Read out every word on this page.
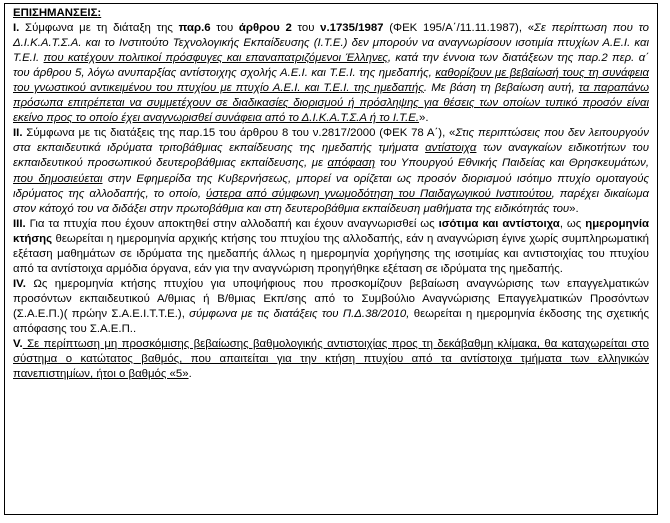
ΕΠΙΣΗΜΑΝΣΕΙΣ:

I. Σύμφωνα με τη διάταξη της παρ.6 του άρθρου 2 του ν.1735/1987 (ΦΕΚ 195/Α΄/11.11.1987), «Σε περίπτωση που το Δ.Ι.Κ.Α.Τ.Σ.Α. και το Ινστιτούτο Τεχνολογικής Εκπαίδευσης (Ι.Τ.Ε.) δεν μπορούν να αναγνωρίσουν ισοτιμία πτυχίων Α.Ε.Ι. και Τ.Ε.Ι. που κατέχουν πολιτικοί πρόσφυγες και επαναπατριζόμενοι Έλληνες, κατά την έννοια των διατάξεων της παρ.2 περ. α΄ του άρθρου 5, λόγω ανυπαρξίας αντίστοιχης σχολής Α.Ε.Ι. και Τ.Ε.Ι. της ημεδαπής, καθορίζουν με βεβαίωσή τους τη συνάφεια του γνωστικού αντικειμένου του πτυχίου με πτυχίο Α.Ε.Ι. και Τ.Ε.Ι. της ημεδαπής. Με βάση τη βεβαίωση αυτή, τα παραπάνω πρόσωπα επιτρέπεται να συμμετέχουν σε διαδικασίες διορισμού ή πρόσληψης για θέσεις των οποίων τυπικό προσόν είναι εκείνο προς το οποίο έχει αναγνωρισθεί συνάφεια από το Δ.Ι.Κ.Α.Τ.Σ.Α ή το Ι.Τ.Ε.».

II. Σύμφωνα με τις διατάξεις της παρ.15 του άρθρου 8 του ν.2817/2000 (ΦΕΚ 78 Α΄), «Στις περιπτώσεις που δεν λειτουργούν στα εκπαιδευτικά ιδρύματα τριτοβάθμιας εκπαίδευσης της ημεδαπής τμήματα αντίστοιχα των αναγκαίων ειδικοτήτων του εκπαιδευτικού προσωπικού δευτεροβάθμιας εκπαίδευσης, με απόφαση του Υπουργού Εθνικής Παιδείας και Θρησκευμάτων, που δημοσιεύεται στην Εφημερίδα της Κυβερνήσεως, μπορεί να ορίζεται ως προσόν διορισμού ισότιμο πτυχίο ομοταγούς ιδρύματος της αλλοδαπής, το οποίο, ύστερα από σύμφωνη γνωμοδότηση του Παιδαγωγικού Ινστιτούτου, παρέχει δικαίωμα στον κάτοχό του να διδάξει στην πρωτοβάθμια και στη δευτεροβάθμια εκπαίδευση μαθήματα της ειδικότητάς του».

III. Για τα πτυχία που έχουν αποκτηθεί στην αλλοδαπή και έχουν αναγνωρισθεί ως ισότιμα και αντίστοιχα, ως ημερομηνία κτήσης θεωρείται η ημερομηνία αρχικής κτήσης του πτυχίου της αλλοδαπής, εάν η αναγνώριση έγινε χωρίς συμπληρωματική εξέταση μαθημάτων σε ιδρύματα της ημεδαπής άλλως η ημερομηνία χορήγησης της ισοτιμίας και αντιστοιχίας του πτυχίου από τα αντίστοιχα αρμόδια όργανα, εάν για την αναγνώριση προηγήθηκε εξέταση σε ιδρύματα της ημεδαπής.

IV. Ως ημερομηνία κτήσης πτυχίου για υποψήφιους που προσκομίζουν βεβαίωση αναγνώρισης των επαγγελματικών προσόντων εκπαιδευτικού Α/θμιας ή Β/θμιας Εκπ/σης από το Συμβούλιο Αναγνώρισης Επαγγελματικών Προσόντων (Σ.Α.Ε.Π.)( πρώην Σ.Α.Ε.Ι.Τ.Τ.Ε.), σύμφωνα με τις διατάξεις του Π.Δ.38/2010, θεωρείται η ημερομηνία έκδοσης της σχετικής απόφασης του Σ.Α.Ε.Π..

V. Σε περίπτωση μη προσκόμισης βεβαίωσης βαθμολογικής αντιστοιχίας προς τη δεκάβαθμη κλίμακα, θα καταχωρείται στο σύστημα ο κατώτατος βαθμός, που απαιτείται για την κτήση πτυχίου από τα αντίστοιχα τμήματα των ελληνικών πανεπιστημίων, ήτοι ο βαθμός «5».
